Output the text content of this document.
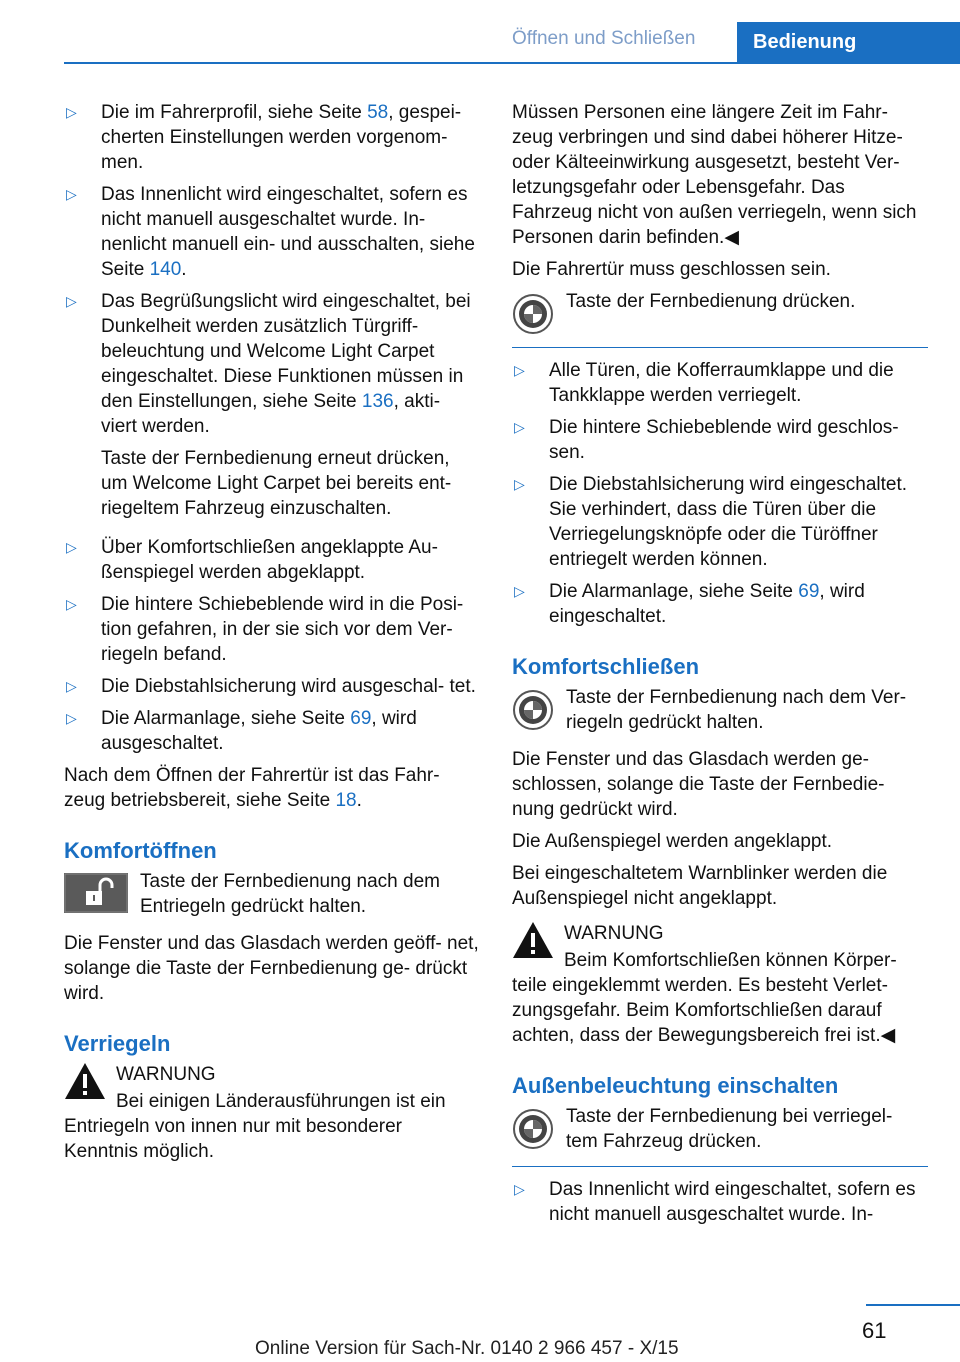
Öffnen und Schließen	Bedienung
▷	Die im Fahrerprofil, siehe Seite 58, gespei‐ cherten Einstellungen werden vorgenom‐ men.
▷	Das Innenlicht wird eingeschaltet, sofern es nicht manuell ausgeschaltet wurde. In‐ nenlicht manuell ein- und ausschalten, siehe Seite 140.
▷	Das Begrüßungslicht wird eingeschaltet, bei Dunkelheit werden zusätzlich Türgriff‐ beleuchtung und Welcome Light Carpet eingeschaltet. Diese Funktionen müssen in den Einstellungen, siehe Seite 136, akti‐ viert werden.

Taste der Fernbedienung erneut drücken, um Welcome Light Carpet bei bereits ent‐ riegeltem Fahrzeug einzuschalten.

▷	Über Komfortschließen angeklappte Au‐ ßenspiegel werden abgeklappt.
▷	Die hintere Schiebeblende wird in die Posi‐ tion gefahren, in der sie sich vor dem Ver‐ riegeln befand.
▷	Die Diebstahlsicherung wird ausgeschal‐ tet.
▷	Die Alarmanlage, siehe Seite 69, wird ausgeschaltet.

Nach dem Öffnen der Fahrertür ist das Fahr‐ zeug betriebsbereit, siehe Seite 18.

Komfortöffnen
Taste der Fernbedienung nach dem Entriegeln gedrückt halten.

Die Fenster und das Glasdach werden geöff‐ net, solange die Taste der Fernbedienung ge‐ drückt wird.

Verriegeln
WARNUNG

Bei einigen Länderausführungen ist ein Entriegeln von innen nur mit besonderer Kenntnis möglich.

Müssen Personen eine längere Zeit im Fahr‐ zeug verbringen und sind dabei höherer Hitze- oder Kälteeinwirkung ausgesetzt, besteht Ver‐ letzungsgefahr oder Lebensgefahr. Das Fahrzeug nicht von außen verriegeln, wenn sich Personen darin befinden.◀

Die Fahrertür muss geschlossen sein.

Taste der Fernbedienung drücken.
▷	Alle Türen, die Kofferraumklappe und die Tankklappe werden verriegelt.
▷	Die hintere Schiebeblende wird geschlos‐ sen.
▷	Die Diebstahlsicherung wird eingeschaltet. Sie verhindert, dass die Türen über die Verriegelungsknöpfe oder die Türöffner entriegelt werden können.
▷	Die Alarmanlage, siehe Seite 69, wird eingeschaltet.
Komfortschließen
Taste der Fernbedienung nach dem Ver‐ riegeln gedrückt halten.

Die Fenster und das Glasdach werden ge‐ schlossen, solange die Taste der Fernbedie‐ nung gedrückt wird.

Die Außenspiegel werden angeklappt.

Bei eingeschaltetem Warnblinker werden die Außenspiegel nicht angeklappt.

WARNUNG

Beim Komfortschließen können Körper‐ teile eingeklemmt werden. Es besteht Verlet‐ zungsgefahr. Beim Komfortschließen darauf achten, dass der Bewegungsbereich frei ist.◀

Außenbeleuchtung einschalten
Taste der Fernbedienung bei verriegel‐ tem Fahrzeug drücken.
▷	Das Innenlicht wird eingeschaltet, sofern es nicht manuell ausgeschaltet wurde. In‐
61
Online Version für Sach-Nr. 0140 2 966 457 - X/15
